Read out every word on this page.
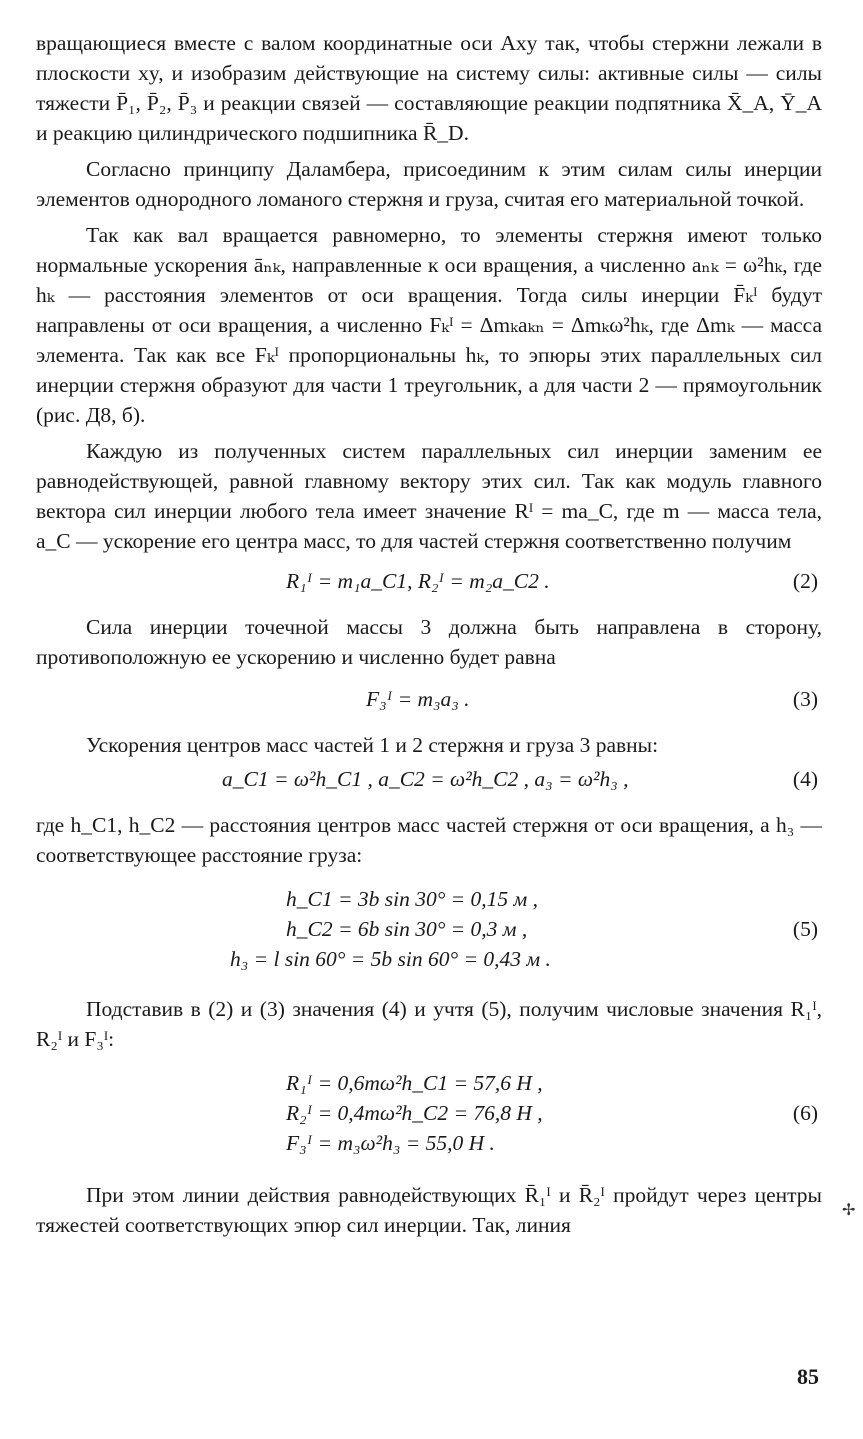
вращающиеся вместе с валом координатные оси Axy так, чтобы стержни лежали в плоскости xy, и изобразим действующие на систему силы: активные силы — силы тяжести P̄₁, P̄₂, P̄₃ и реакции связей — составляющие реакции подпятника X̄_A, Ȳ_A и реакцию цилиндрического подшипника R̄_D.

Согласно принципу Даламбера, присоединим к этим силам силы инерции элементов однородного ломаного стержня и груза, считая его материальной точкой.

Так как вал вращается равномерно, то элементы стержня имеют только нормальные ускорения āₙₖ, направленные к оси вращения, а численно aₙₖ = ω²hₖ, где hₖ — расстояния элементов от оси вращения. Тогда силы инерции F̄ₖᴵ будут направлены от оси вращения, а численно Fₖᴵ = Δmₖaₖₙ = Δmₖω²hₖ, где Δmₖ — масса элемента. Так как все Fₖᴵ пропорциональны hₖ, то эпюры этих параллельных сил инерции стержня образуют для части 1 треугольник, а для части 2 — прямоугольник (рис. Д8, б).

Каждую из полученных систем параллельных сил инерции заменим ее равнодействующей, равной главному вектору этих сил. Так как модуль главного вектора сил инерции любого тела имеет значение Rᴵ = ma_C, где m — масса тела, a_C — ускорение его центра масс, то для частей стержня соответственно получим

R₁ᴵ = m₁a_C1, R₂ᴵ = m₂a_C2 .	(2)

Сила инерции точечной массы 3 должна быть направлена в сторону, противоположную ее ускорению и численно будет равна

F₃ᴵ = m₃a₃ .	(3)

Ускорения центров масс частей 1 и 2 стержня и груза 3 равны:

a_C1 = ω²h_C1 , a_C2 = ω²h_C2 , a₃ = ω²h₃ ,	(4)

где h_C1, h_C2 — расстояния центров масс частей стержня от оси вращения, а h₃ — соответствующее расстояние груза:

h_C1 = 3b sin 30° = 0,15 м ,
h_C2 = 6b sin 30° = 0,3 м ,	(5)
h₃ = l sin 60° = 5b sin 60° = 0,43 м .

Подставив в (2) и (3) значения (4) и учтя (5), получим числовые значения R₁ᴵ, R₂ᴵ и F₃ᴵ:

R₁ᴵ = 0,6mω²h_C1 = 57,6 Н ,
R₂ᴵ = 0,4mω²h_C2 = 76,8 Н ,	(6)
F₃ᴵ = m₃ω²h₃ = 55,0 Н .

При этом линии действия равнодействующих R̄₁ᴵ и R̄₂ᴵ пройдут через центры тяжестей соответствующих эпюр сил инерции. Так, линия

✢
85
